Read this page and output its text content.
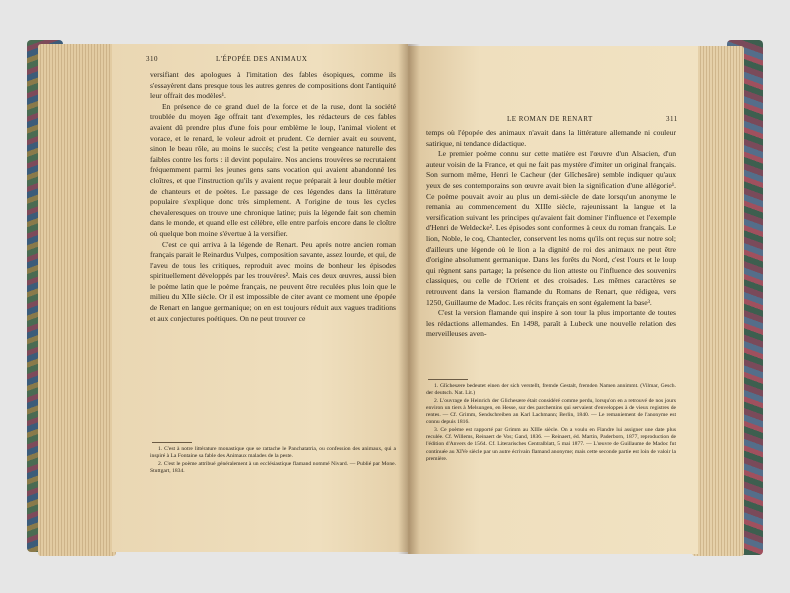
310	L'ÉPOPÉE DES ANIMAUX

versifiant des apologues à l'imitation des fables ésopiques, comme ils s'essayèrent dans presque tous les autres genres de compositions dont l'antiquité leur offrait des modèles¹.

En présence de ce grand duel de la force et de la ruse, dont la société troublée du moyen âge offrait tant d'exemples, les rédacteurs de ces fables avaient dû prendre plus d'une fois pour emblème le loup, l'animal violent et vorace, et le renard, le voleur adroit et prudent. Ce dernier avait eu souvent, sinon le beau rôle, au moins le succès; c'est la petite vengeance naturelle des faibles contre les forts : il devint populaire. Nos anciens trouvères se recrutaient fréquemment parmi les jeunes gens sans vocation qui avaient abandonné les cloîtres, et que l'instruction qu'ils y avaient reçue préparait à leur double métier de chanteurs et de poètes. Le passage de ces légendes dans la littérature populaire s'explique donc très simplement. A l'origine de tous les cycles chevaleresques on trouve une chronique latine; puis la légende fait son chemin dans le monde, et quand elle est célèbre, elle entre parfois encore dans le cloître où quelque bon moine s'évertue à la versifier.

C'est ce qui arriva à la légende de Renart. Peu après notre ancien roman français parait le Reinardus Vulpes, composition savante, assez lourde, et qui, de l'aveu de tous les critiques, reproduit avec moins de bonheur les épisodes spirituellement développés par les trouvères². Mais ces deux œuvres, aussi bien le poème latin que le poème français, ne peuvent être reculées plus loin que le milieu du XIIe siècle. Or il est impossible de citer avant ce moment une épopée de Renart en langue germanique; on en est toujours réduit aux vagues traditions et aux conjectures poétiques. On ne peut trouver ce

1. C'est à notre littérature monastique que se rattache le Panchatatria, ou confession des animaux, qui a inspiré à La Fontaine sa fable des Animaux malades de la peste.

2. C'est le poème attribué généralement à un ecclésiastique flamand nommé Nivard. — Publié par Mone. Stuttgart, 1834.

LE ROMAN DE RENART	311

temps où l'épopée des animaux n'avait dans la littérature allemande ni couleur satirique, ni tendance didactique.

Le premier poème connu sur cette matière est l'œuvre d'un Alsacien, d'un auteur voisin de la France, et qui ne fait pas mystère d'imiter un original français. Son surnom même, Henri le Cacheur (der Glîchesâre) semble indiquer qu'aux yeux de ses contemporains son œuvre avait bien la signification d'une allégorie¹. Ce poème pouvait avoir au plus un demi-siècle de date lorsqu'un anonyme le remania au commencement du XIIIe siècle, rajeunissant la langue et la versification suivant les principes qu'avaient fait dominer l'influence et l'exemple d'Henri de Weldecke². Les épisodes sont conformes à ceux du roman français. Le lion, Noble, le coq, Chantecler, conservent les noms qu'ils ont reçus sur notre sol; d'ailleurs une légende où le lion a la dignité de roi des animaux ne peut être d'origine absolument germanique. Dans les forêts du Nord, c'est l'ours et le loup qui règnent sans partage; la présence du lion atteste ou l'influence des souvenirs classiques, ou celle de l'Orient et des croisades. Les mêmes caractères se retrouvent dans la version flamande du Romans de Renart, que rédigea, vers 1250, Guillaume de Madoc. Les récits français en sont également la base³.

C'est la version flamande qui inspire à son tour la plus importante de toutes les rédactions allemandes. En 1498, paraît à Lubeck une nouvelle relation des merveilleuses aven-

1. Glîchesære bedeutet einen der sich verstellt, fremde Gestalt, fremden Namen annimmt. (Vilmar, Gesch. der deutsch. Nat. Lit.)

2. L'ouvrage de Heinrich der Glichesære était considéré comme perdu, lorsqu'on en a retrouvé de nos jours environ un tiers à Melsungen, en Hesse, sur des parchemins qui servaient d'enveloppes à de vieux registres de rentes. — Cf. Grimm, Sendschreiben an Karl Lachmann; Berlin, 1840. — Le remaniement de l'anonyme est connu depuis 1816.

3. Ce poème est rapporté par Grimm au XIIIe siècle. On a voulu en Flandre lui assigner une date plus reculée. Cf. Willems, Reinaert de Vos; Gand, 1836. — Reinaert, éd. Martin, Paderborn, 1877, reproduction de l'édition d'Anvers de 1564. Cf. Literarisches Centralblatt, 5 mai 1877. — L'œuvre de Guillaume de Madoc fut continuée au XIVe siècle par un autre écrivain flamand anonyme; mais cette seconde partie est loin de valoir la première.
